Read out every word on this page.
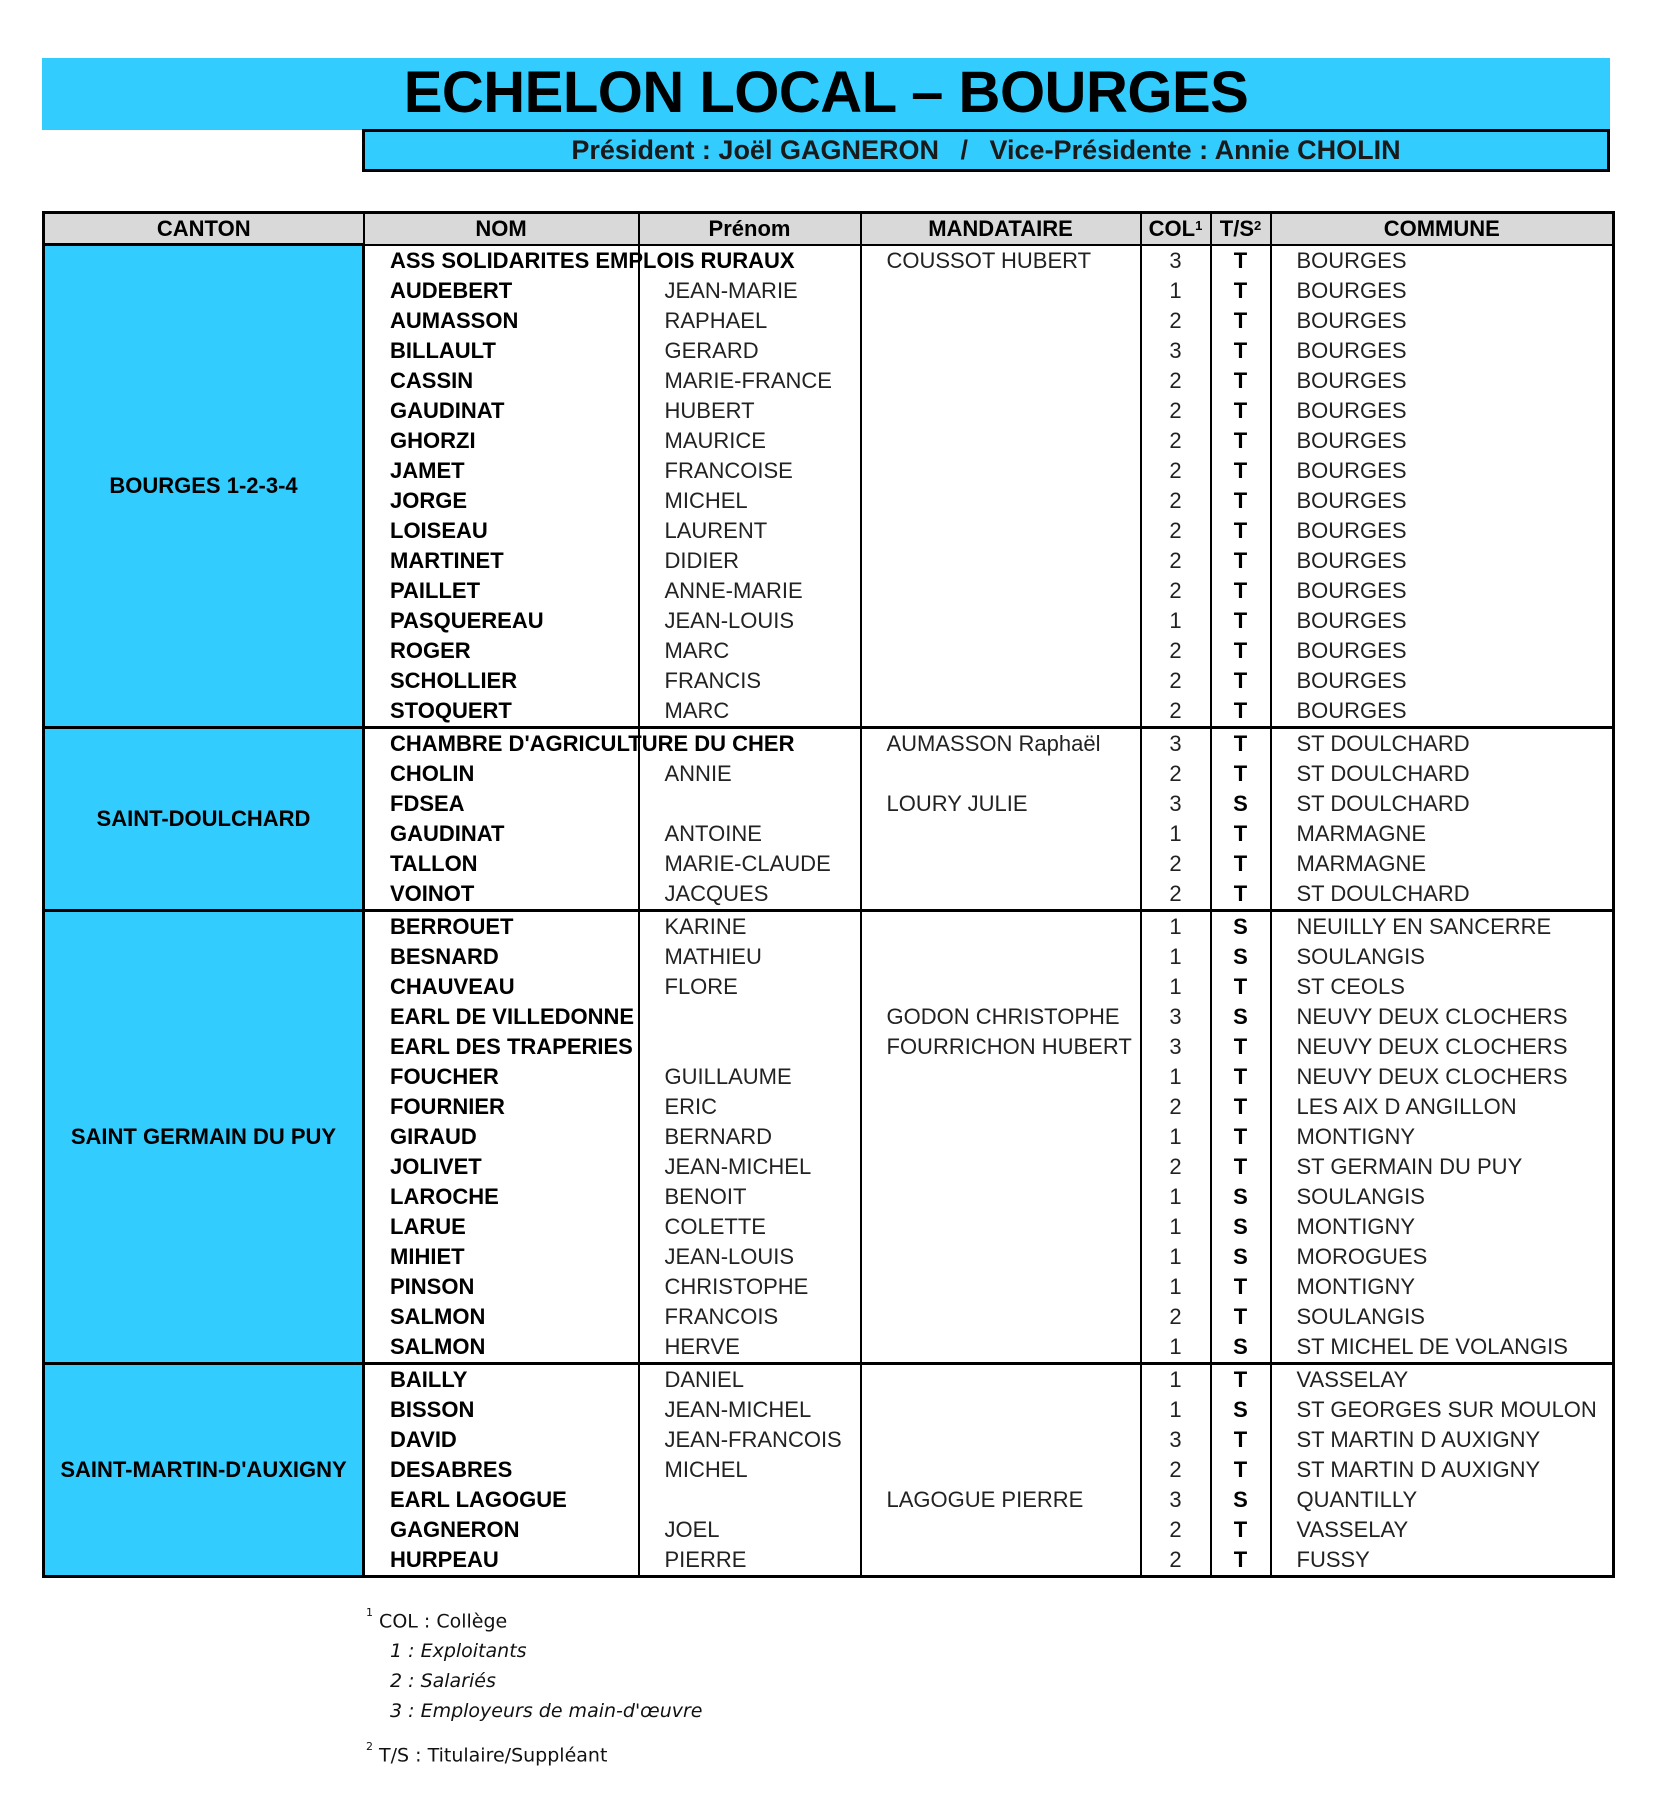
ECHELON LOCAL – BOURGES
Président : Joël GAGNERON / Vice-Présidente : Annie CHOLIN
CANTON	NOM	Prénom	MANDATAIRE	COL$^1$	$T/S^2$	COMMUNE
BOURGES 1-2-3-4	ASS SOLIDARITES EMPLOIS RURAUX		COUSSOT HUBERT	3	T	BOURGES
	AUDEBERT	JEAN-MARIE		1	T	BOURGES
	AUMASSON	RAPHAEL		2	T	BOURGES
	BILLAULT	GERARD		3	T	BOURGES
	CASSIN	MARIE-FRANCE		2	T	BOURGES
	GAUDINAT	HUBERT		2	T	BOURGES
	GHORZI	MAURICE		2	T	BOURGES
	JAMET	FRANCOISE		2	T	BOURGES
	JORGE	MICHEL		2	T	BOURGES
	LOISEAU	LAURENT		2	T	BOURGES
	MARTINET	DIDIER		2	T	BOURGES
	PAILLET	ANNE-MARIE		2	T	BOURGES
	PASQUEREAU	JEAN-LOUIS		1	T	BOURGES
	ROGER	MARC		2	T	BOURGES
	SCHOLLIER	FRANCIS		2	T	BOURGES
	STOQUERT	MARC		2	T	BOURGES
SAINT-DOULCHARD	CHAMBRE D'AGRICULTURE DU CHER		AUMASSON Raphaël	3	T	ST DOULCHARD
	CHOLIN	ANNIE		2	T	ST DOULCHARD
	FDSEA		LOURY JULIE	3	S	ST DOULCHARD
	GAUDINAT	ANTOINE		1	T	MARMAGNE
	TALLON	MARIE-CLAUDE		2	T	MARMAGNE
	VOINOT	JACQUES		2	T	ST DOULCHARD
SAINT GERMAIN DU PUY	BERROUET	KARINE		1	S	NEUILLY EN SANCERRE
	BESNARD	MATHIEU		1	S	SOULANGIS
	CHAUVEAU	FLORE		1	T	ST CEOLS
	EARL DE VILLEDONNE		GODON CHRISTOPHE	3	S	NEUVY DEUX CLOCHERS
	EARL DES TRAPERIES		FOURRICHON HUBERT	3	T	NEUVY DEUX CLOCHERS
	FOUCHER	GUILLAUME		1	T	NEUVY DEUX CLOCHERS
	FOURNIER	ERIC		2	T	LES AIX D ANGILLON
	GIRAUD	BERNARD		1	T	MONTIGNY
	JOLIVET	JEAN-MICHEL		2	T	ST GERMAIN DU PUY
	LAROCHE	BENOIT		1	S	SOULANGIS
	LARUE	COLETTE		1	S	MONTIGNY
	MIHIET	JEAN-LOUIS		1	S	MOROGUES
	PINSON	CHRISTOPHE		1	T	MONTIGNY
	SALMON	FRANCOIS		2	T	SOULANGIS
	SALMON	HERVE		1	S	ST MICHEL DE VOLANGIS
SAINT-MARTIN-D'AUXIGNY	BAILLY	DANIEL		1	T	VASSELAY
	BISSON	JEAN-MICHEL		1	S	ST GEORGES SUR MOULON
	DAVID	JEAN-FRANCOIS		3	T	ST MARTIN D AUXIGNY
	DESABRES	MICHEL		2	T	ST MARTIN D AUXIGNY
	EARL LAGOGUE		LAGOGUE PIERRE	3	S	QUANTILLY
	GAGNERON	JOEL		2	T	VASSELAY
	HURPEAU	PIERRE		2	T	FUSSY
$^1$ COL : Collège
1 : Exploitants
2 : Salariés
3 : Employeurs de main-d'œuvre
$^2$ T/S : Titulaire/Suppléant
